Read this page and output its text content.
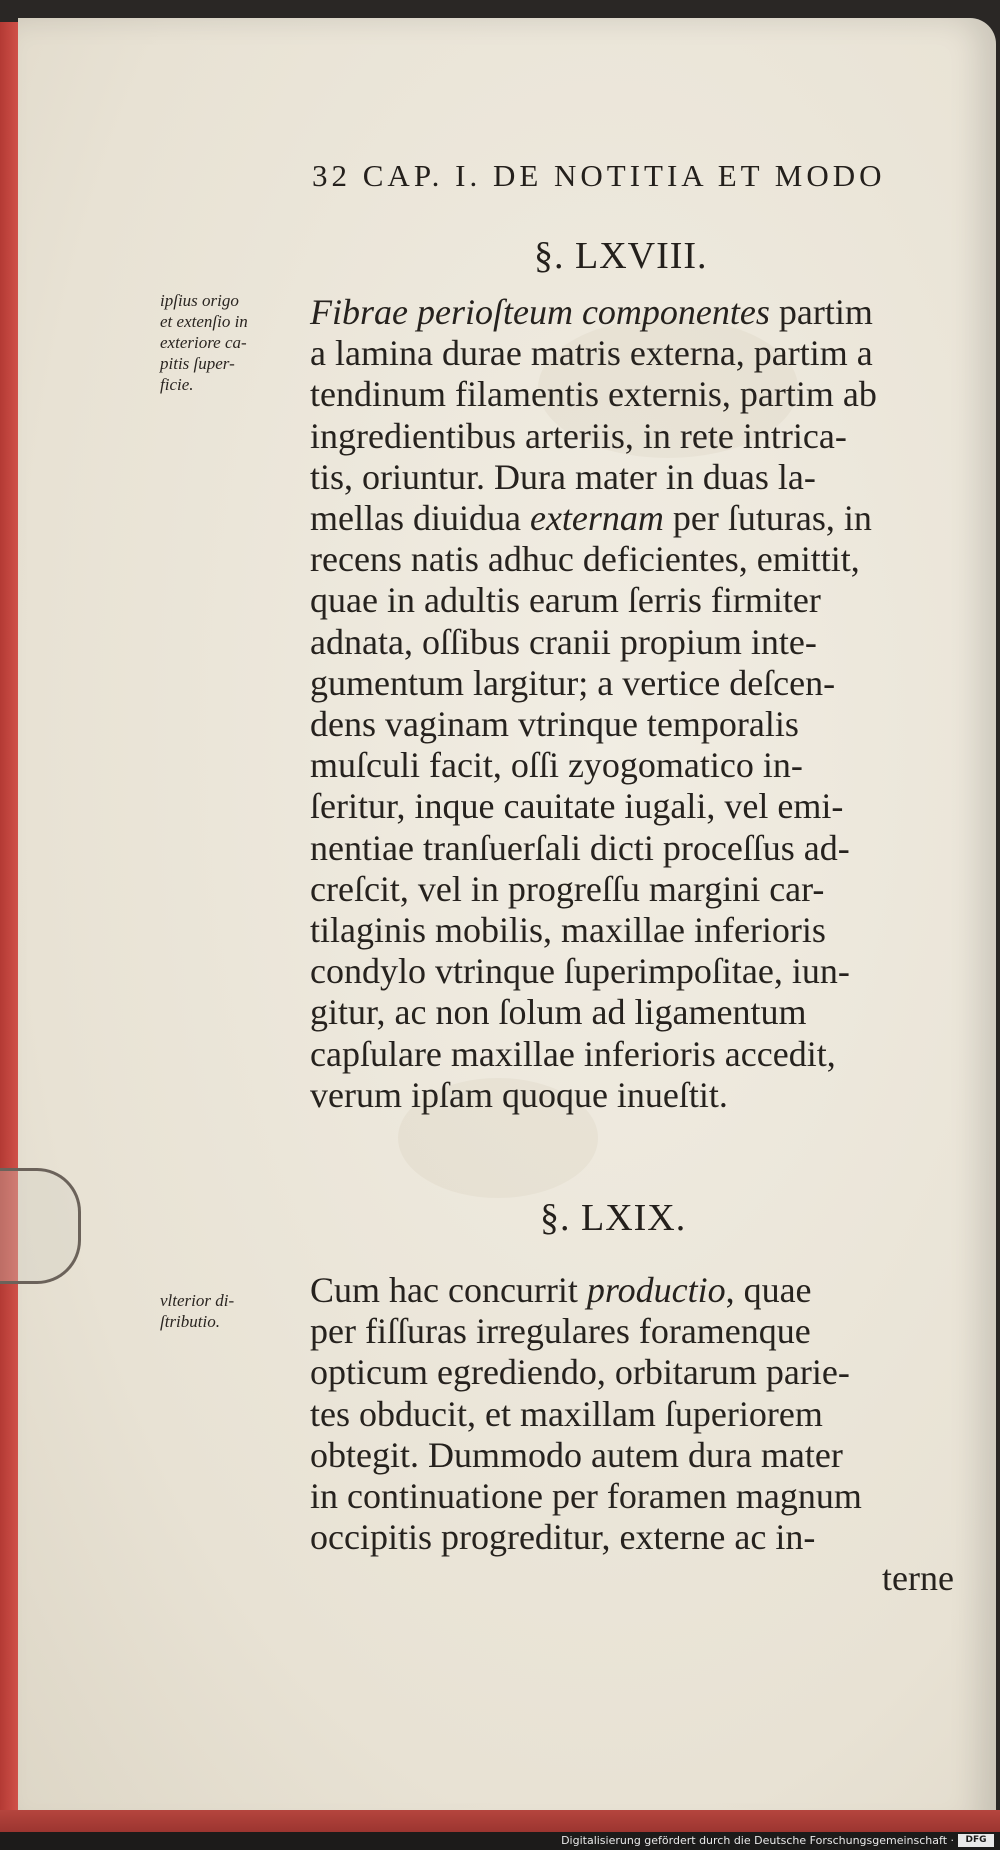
32 CAP. I. DE NOTITIA ET MODO
§. LXVIII.
ipſius origo
et extenſio in
exteriore ca-
pitis ſuper-
ficie.
Fibrae perioſteum componentes partim
a lamina durae matris externa, partim a
tendinum filamentis externis, partim ab
ingredientibus arteriis, in rete intrica-
tis, oriuntur. Dura mater in duas la-
mellas diuidua externam per ſuturas, in
recens natis adhuc deficientes, emittit,
quae in adultis earum ſerris firmiter
adnata, oſſibus cranii propium inte-
gumentum largitur; a vertice deſcen-
dens vaginam vtrinque temporalis
muſculi facit, oſſi zyogomatico in-
ſeritur, inque cauitate iugali, vel emi-
nentiae tranſuerſali dicti proceſſus ad-
creſcit, vel in progreſſu margini car-
tilaginis mobilis, maxillae inferioris
condylo vtrinque ſuperimpoſitae, iun-
gitur, ac non ſolum ad ligamentum
capſulare maxillae inferioris accedit,
verum ipſam quoque inueſtit.
§. LXIX.
vlterior di-
ſtributio.
Cum hac concurrit productio, quae
per fiſſuras irregulares foramenque
opticum egrediendo, orbitarum parie-
tes obducit, et maxillam ſuperiorem
obtegit. Dummodo autem dura mater
in continuatione per foramen magnum
occipitis progreditur, externe ac in-
terne
Digitalisierung gefördert durch die Deutsche Forschungsgemeinschaft ·	DFG
